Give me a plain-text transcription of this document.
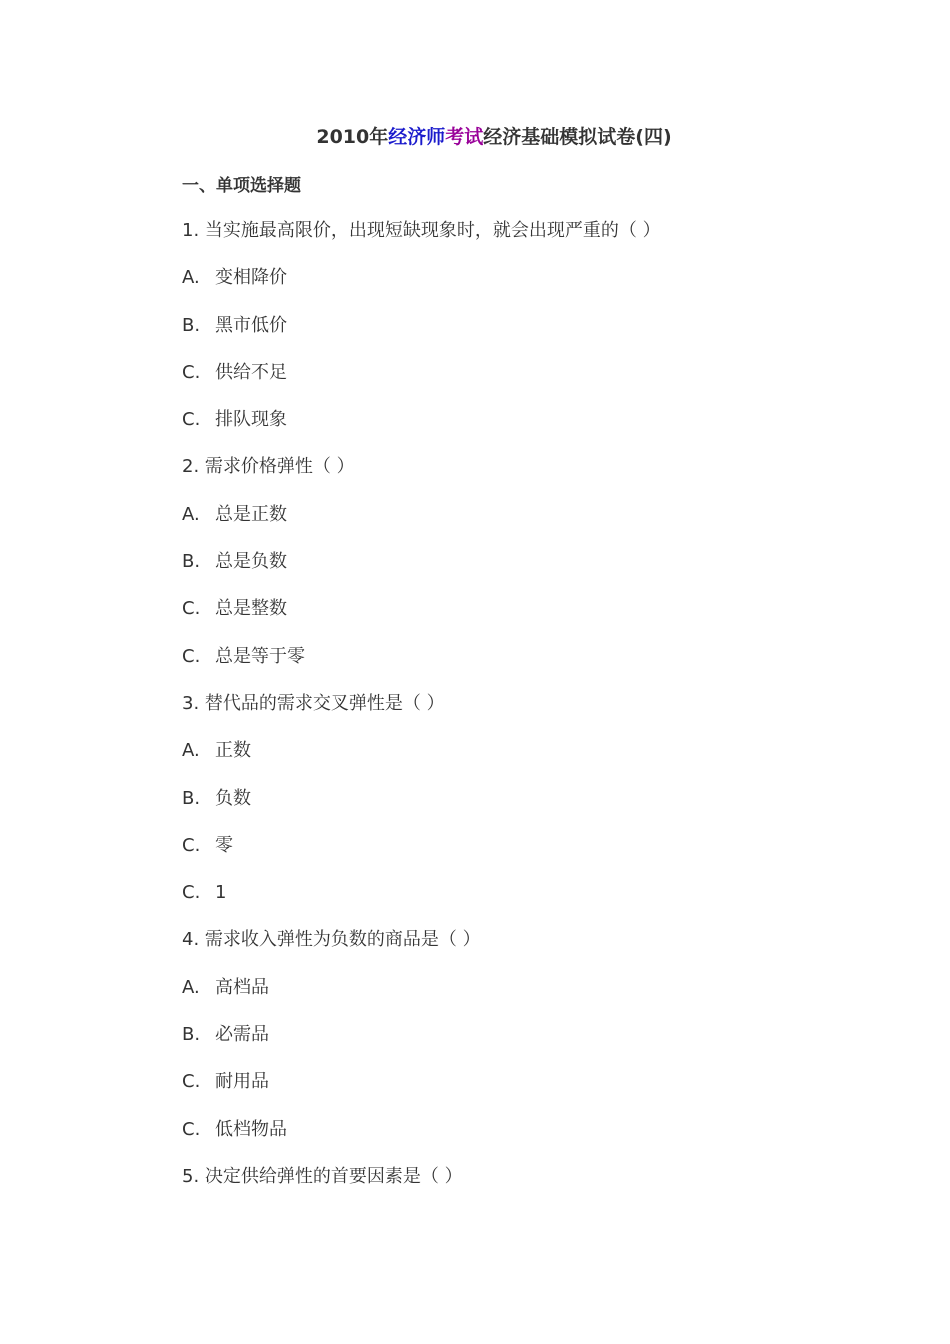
2010年经济师考试经济基础模拟试卷(四)
一、单项选择题
1. 当实施最高限价，出现短缺现象时，就会出现严重的（ ）
A. 变相降价
B. 黑市低价
C. 供给不足
C. 排队现象
2. 需求价格弹性（ ）
A. 总是正数
B. 总是负数
C. 总是整数
C. 总是等于零
3. 替代品的需求交叉弹性是（ ）
A. 正数
B. 负数
C. 零
C. 1
4. 需求收入弹性为负数的商品是（ ）
A. 高档品
B. 必需品
C. 耐用品
C. 低档物品
5. 决定供给弹性的首要因素是（ ）
